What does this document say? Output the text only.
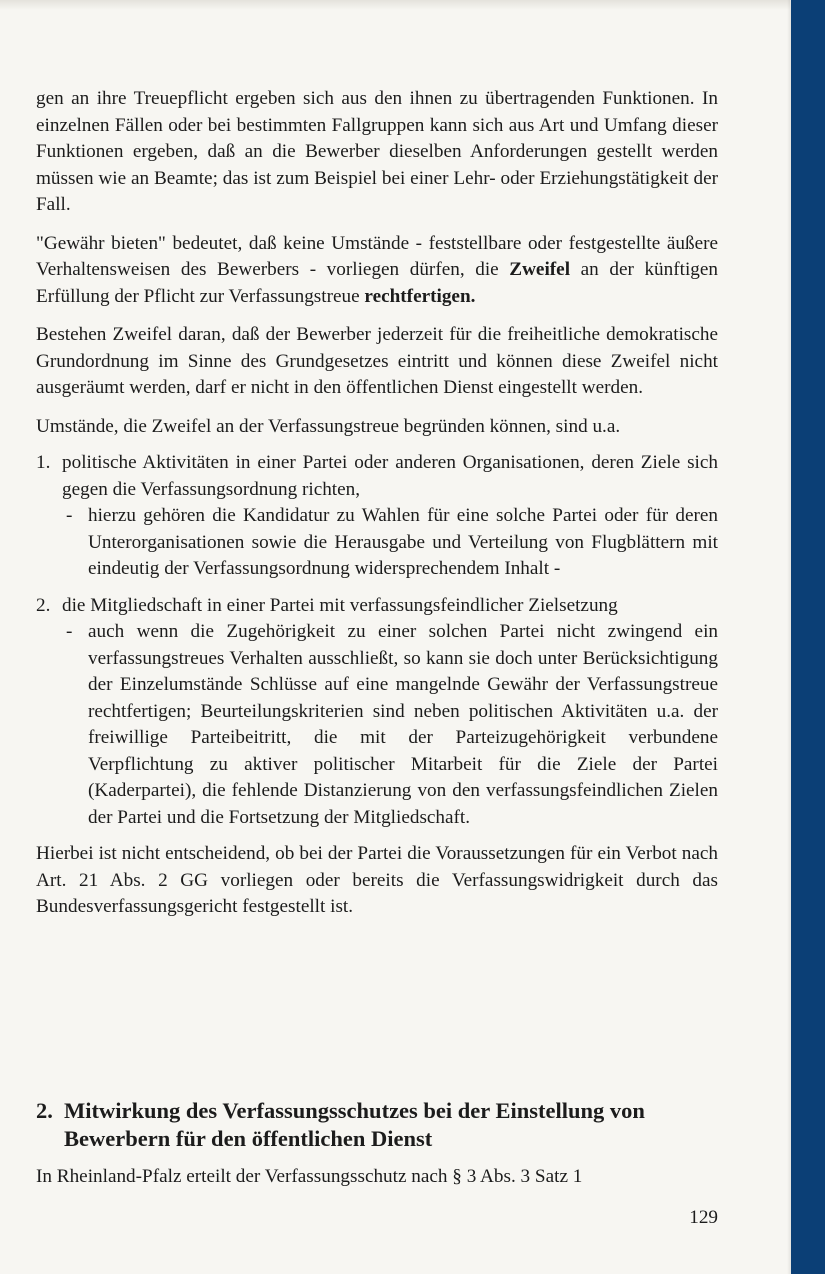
gen an ihre Treuepflicht ergeben sich aus den ihnen zu übertragenden Funktionen. In einzelnen Fällen oder bei bestimmten Fallgruppen kann sich aus Art und Umfang dieser Funktionen ergeben, daß an die Bewerber dieselben Anforderungen gestellt werden müssen wie an Beamte; das ist zum Beispiel bei einer Lehr- oder Erziehungstätigkeit der Fall.

"Gewähr bieten" bedeutet, daß keine Umstände - feststellbare oder festgestellte äußere Verhaltensweisen des Bewerbers - vorliegen dürfen, die Zweifel an der künftigen Erfüllung der Pflicht zur Verfassungstreue rechtfertigen.

Bestehen Zweifel daran, daß der Bewerber jederzeit für die freiheitliche demokratische Grundordnung im Sinne des Grundgesetzes eintritt und können diese Zweifel nicht ausgeräumt werden, darf er nicht in den öffentlichen Dienst eingestellt werden.

Umstände, die Zweifel an der Verfassungstreue begründen können, sind u.a.

1. politische Aktivitäten in einer Partei oder anderen Organisationen, deren Ziele sich gegen die Verfassungsordnung richten,

- hierzu gehören die Kandidatur zu Wahlen für eine solche Partei oder für deren Unterorganisationen sowie die Herausgabe und Verteilung von Flugblättern mit eindeutig der Verfassungsordnung widersprechendem Inhalt -

2. die Mitgliedschaft in einer Partei mit verfassungsfeindlicher Zielsetzung

- auch wenn die Zugehörigkeit zu einer solchen Partei nicht zwingend ein verfassungstreues Verhalten ausschließt, so kann sie doch unter Berücksichtigung der Einzelumstände Schlüsse auf eine mangelnde Gewähr der Verfassungstreue rechtfertigen; Beurteilungskriterien sind neben politischen Aktivitäten u.a. der freiwillige Parteibeitritt, die mit der Parteizugehörigkeit verbundene Verpflichtung zu aktiver politischer Mitarbeit für die Ziele der Partei (Kaderpartei), die fehlende Distanzierung von den verfassungsfeindlichen Zielen der Partei und die Fortsetzung der Mitgliedschaft.

Hierbei ist nicht entscheidend, ob bei der Partei die Voraussetzungen für ein Verbot nach Art. 21 Abs. 2 GG vorliegen oder bereits die Verfassungswidrigkeit durch das Bundesverfassungsgericht festgestellt ist.

2. Mitwirkung des Verfassungsschutzes bei der Einstellung von Bewerbern für den öffentlichen Dienst

In Rheinland-Pfalz erteilt der Verfassungsschutz nach § 3 Abs. 3 Satz 1

129
